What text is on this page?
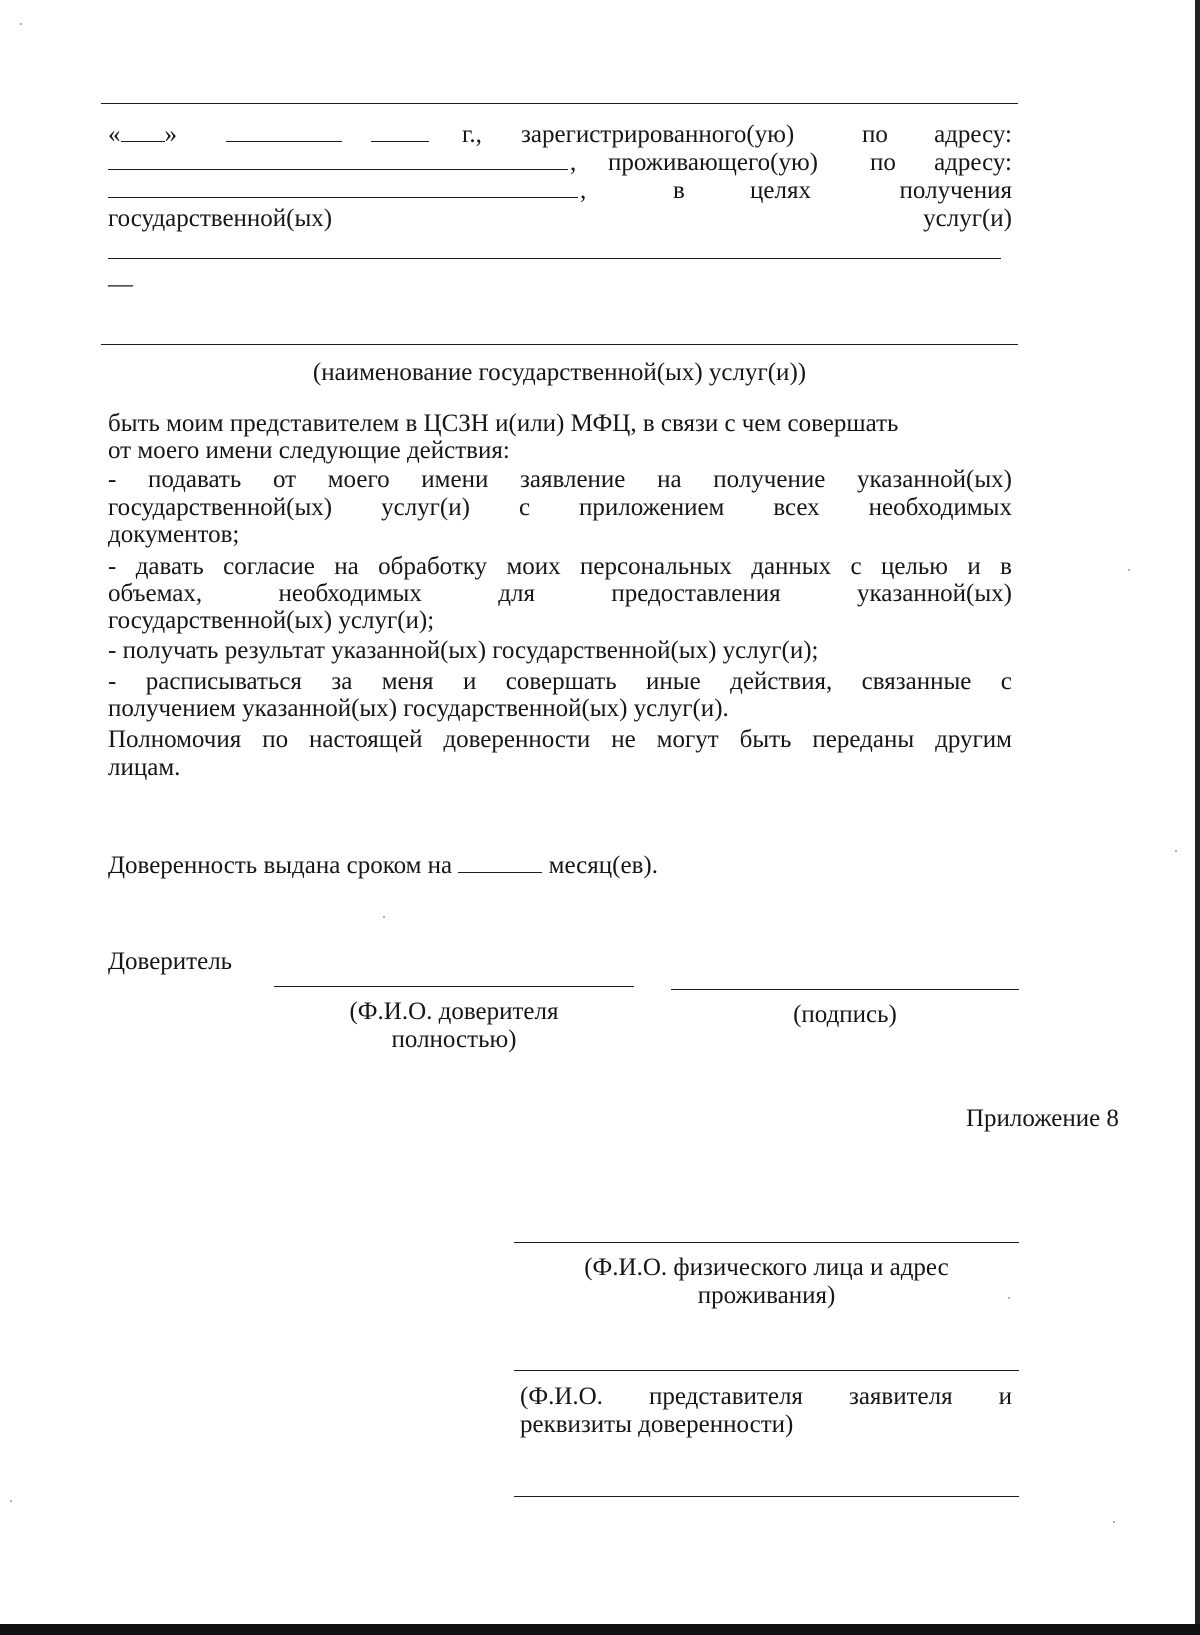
« »	г., зарегистрированного(ую)	по адресу:
, проживающего(ую) по адресу:
,	в	целях	получения
государственной(ых)	услуг(и)
—
(наименование государственной(ых) услуг(и))
быть моим представителем в ЦСЗН и(или) МФЦ, в связи с чем совершать
от моего имени следующие действия:
- подавать от моего имени заявление на получение указанной(ых)
государственной(ых) услуг(и) с приложением всех необходимых
документов;
- давать согласие на обработку моих персональных данных с целью и в
объемах,	необходимых	для	предоставления	указанной(ых)
государственной(ых) услуг(и);
- получать результат указанной(ых) государственной(ых) услуг(и);
- расписываться за меня и совершать иные действия, связанные с
получением указанной(ых) государственной(ых) услуг(и).
Полномочия по настоящей доверенности не могут быть переданы другим
лицам.
Доверенность выдана сроком на	месяц(ев).
Доверитель
(Ф.И.О. доверителя
полностью)
(подпись)
Приложение 8
(Ф.И.О. физического лица и адрес
проживания)
(Ф.И.О. представителя заявителя и
реквизиты доверенности)
